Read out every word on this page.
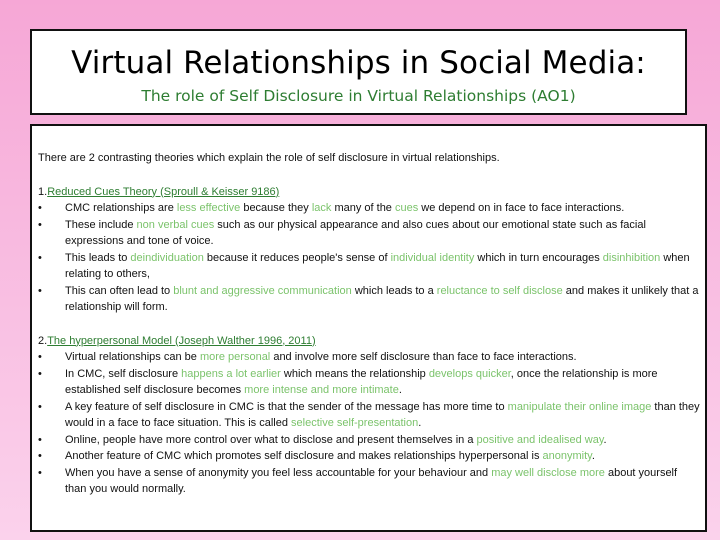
Virtual Relationships in Social Media:
The role of Self Disclosure in Virtual Relationships (AO1)

There are 2 contrasting theories which explain the role of self disclosure in virtual relationships.

1.Reduced Cues Theory (Sproull & Keisser 9186)

• CMC relationships are less effective because they lack many of the cues we depend on in face to face interactions.
• These include non verbal cues such as our physical appearance and also cues about our emotional state such as facial expressions and tone of voice.
• This leads to deindividuation because it reduces people's sense of individual identity which in turn encourages disinhibition when relating to others,
• This can often lead to blunt and aggressive communication which leads to a reluctance to self disclose and makes it unlikely that a relationship will form.

2.The hyperpersonal Model (Joseph Walther 1996, 2011)

• Virtual relationships can be more personal and involve more self disclosure than face to face interactions.
• In CMC, self disclosure happens a lot earlier which means the relationship develops quicker, once the relationship is more established self disclosure becomes more intense and more intimate.
• A key feature of self disclosure in CMC is that the sender of the message has more time to manipulate their online image than they would in a face to face situation. This is called selective self-presentation.
• Online, people have more control over what to disclose and present themselves in a positive and idealised way.
• Another feature of CMC which promotes self disclosure and makes relationships hyperpersonal is anonymity.
• When you have a sense of anonymity you feel less accountable for your behaviour and may well disclose more about yourself than you would normally.
